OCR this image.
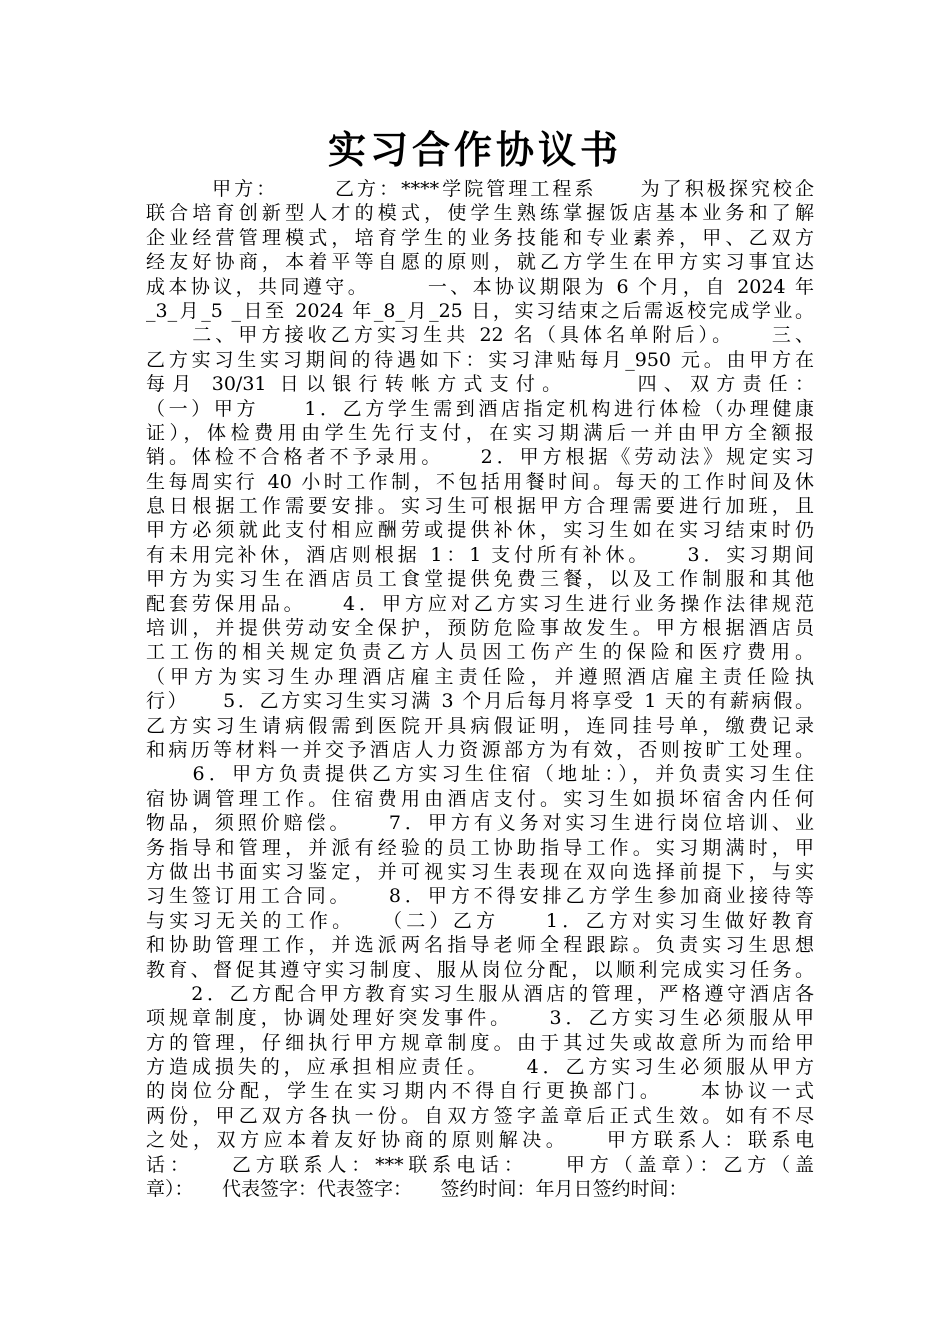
实习合作协议书
　　　甲方：　　　乙方：****学院管理工程系　　为了积极探究校企
联合培育创新型人才的模式，使学生熟练掌握饭店基本业务和了解
企业经营管理模式，培育学生的业务技能和专业素养，甲、乙双方
经友好协商，本着平等自愿的原则，就乙方学生在甲方实习事宜达
成本协议，共同遵守。　　　一、本协议期限为 6 个月，自 2024 年
_3_月_5 _日至 2024 年_8_月_25 日，实习结束之后需返校完成学业。
　　二、甲方接收乙方实习生共 22 名（具体名单附后）。　　三、
乙方实习生实习期间的待遇如下：实习津贴每月_950 元。由甲方在
每月 30/31 日以银行转帐方式支付。　　　四、双方责任：
（一）甲方　　1．乙方学生需到酒店指定机构进行体检（办理健康
证），体检费用由学生先行支付，在实习期满后一并由甲方全额报
销。体检不合格者不予录用。　　2．甲方根据《劳动法》规定实习
生每周实行 40 小时工作制，不包括用餐时间。每天的工作时间及休
息日根据工作需要安排。实习生可根据甲方合理需要进行加班，且
甲方必须就此支付相应酬劳或提供补休，实习生如在实习结束时仍
有未用完补休，酒店则根据 1：1 支付所有补休。　　3．实习期间
甲方为实习生在酒店员工食堂提供免费三餐，以及工作制服和其他
配套劳保用品。　　4．甲方应对乙方实习生进行业务操作法律规范
培训，并提供劳动安全保护，预防危险事故发生。甲方根据酒店员
工工伤的相关规定负责乙方人员因工伤产生的保险和医疗费用。
（甲方为实习生办理酒店雇主责任险，并遵照酒店雇主责任险执
行）　　5．乙方实习生实习满 3 个月后每月将享受 1 天的有薪病假。
乙方实习生请病假需到医院开具病假证明，连同挂号单，缴费记录
和病历等材料一并交予酒店人力资源部方为有效，否则按旷工处理。
　　6．甲方负责提供乙方实习生住宿（地址：），并负责实习生住
宿协调管理工作。住宿费用由酒店支付。实习生如损坏宿舍内任何
物品，须照价赔偿。　　7．甲方有义务对实习生进行岗位培训、业
务指导和管理，并派有经验的员工协助指导工作。实习期满时，甲
方做出书面实习鉴定，并可视实习生表现在双向选择前提下，与实
习生签订用工合同。　　8．甲方不得安排乙方学生参加商业接待等
与实习无关的工作。　　（二）乙方　　1．乙方对实习生做好教育
和协助管理工作，并选派两名指导老师全程跟踪。负责实习生思想
教育、督促其遵守实习制度、服从岗位分配，以顺利完成实习任务。
　　2．乙方配合甲方教育实习生服从酒店的管理，严格遵守酒店各
项规章制度，协调处理好突发事件。　　3．乙方实习生必须服从甲
方的管理，仔细执行甲方规章制度。由于其过失或故意所为而给甲
方造成损失的，应承担相应责任。　　4．乙方实习生必须服从甲方
的岗位分配，学生在实习期内不得自行更换部门。　　本协议一式
两份，甲乙双方各执一份。自双方签字盖章后正式生效。如有不尽
之处，双方应本着友好协商的原则解决。　　甲方联系人：联系电
话：　　乙方联系人：***联系电话：　　甲方（盖章）：乙方（盖
章）：　　代表签字：代表签字：　　签约时间：年月日签约时间：
